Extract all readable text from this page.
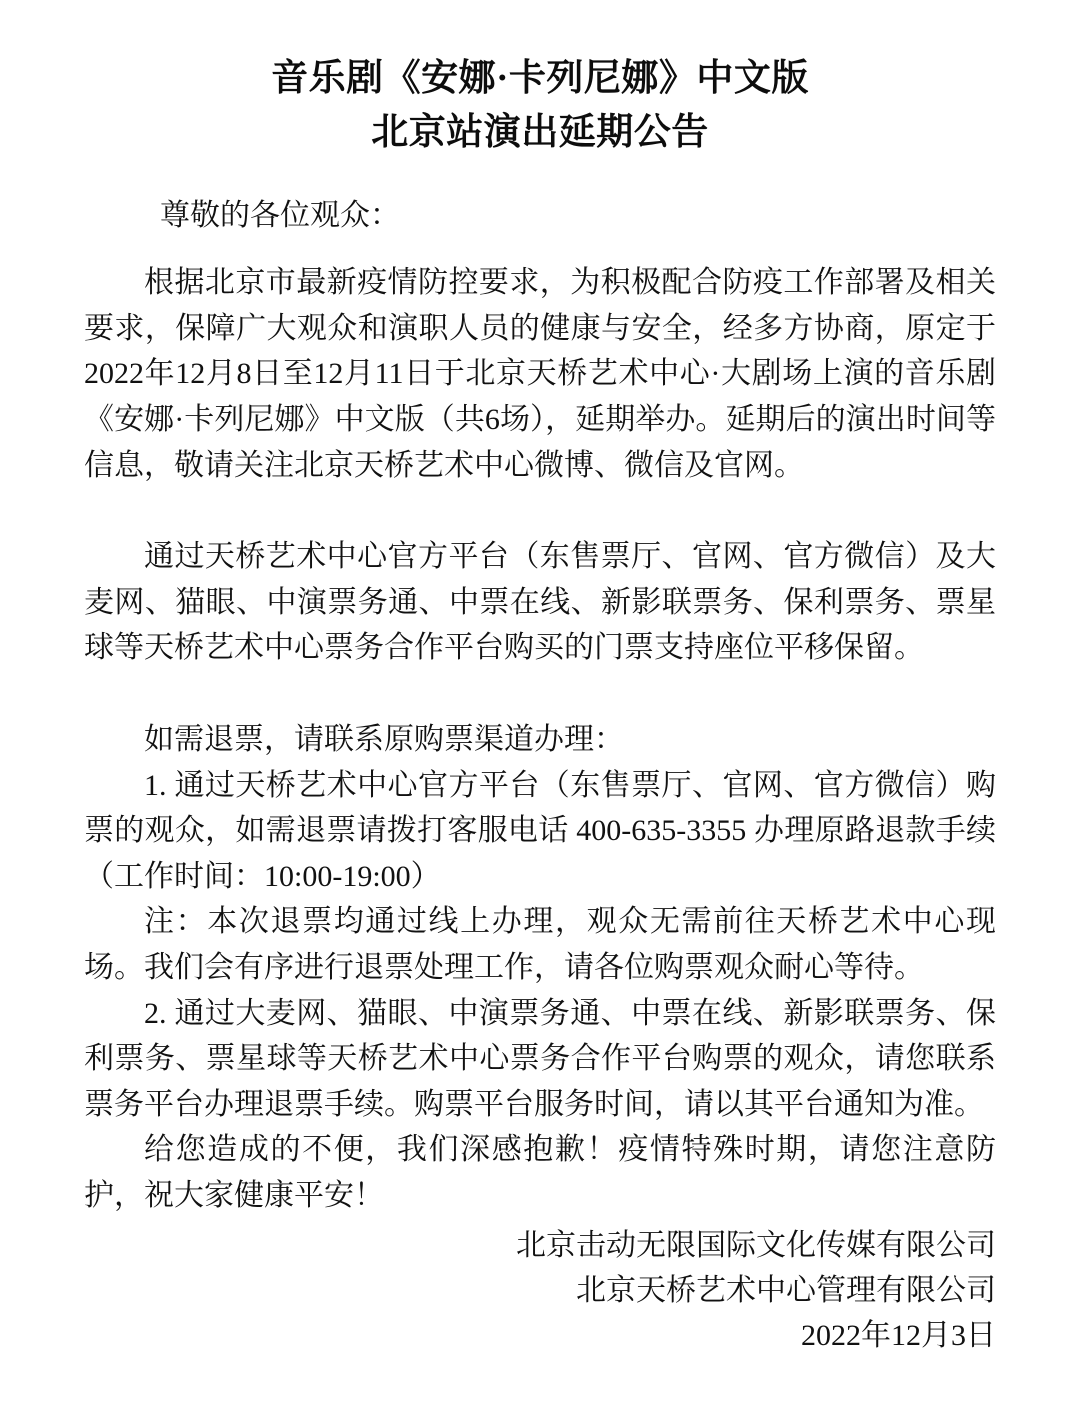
音乐剧《安娜·卡列尼娜》中文版
北京站演出延期公告
尊敬的各位观众：

根据北京市最新疫情防控要求，为积极配合防疫工作部署及相关要求，保障广大观众和演职人员的健康与安全，经多方协商，原定于2022年12月8日至12月11日于北京天桥艺术中心·大剧场上演的音乐剧《安娜·卡列尼娜》中文版（共6场），延期举办。延期后的演出时间等信息，敬请关注北京天桥艺术中心微博、微信及官网。

通过天桥艺术中心官方平台（东售票厅、官网、官方微信）及大麦网、猫眼、中演票务通、中票在线、新影联票务、保利票务、票星球等天桥艺术中心票务合作平台购买的门票支持座位平移保留。

如需退票，请联系原购票渠道办理：

1. 通过天桥艺术中心官方平台（东售票厅、官网、官方微信）购票的观众，如需退票请拨打客服电话 400-635-3355 办理原路退款手续（工作时间：10:00-19:00）

注：本次退票均通过线上办理，观众无需前往天桥艺术中心现场。我们会有序进行退票处理工作，请各位购票观众耐心等待。

2. 通过大麦网、猫眼、中演票务通、中票在线、新影联票务、保利票务、票星球等天桥艺术中心票务合作平台购票的观众，请您联系票务平台办理退票手续。购票平台服务时间，请以其平台通知为准。

给您造成的不便，我们深感抱歉！疫情特殊时期，请您注意防护，祝大家健康平安！

北京击动无限国际文化传媒有限公司
北京天桥艺术中心管理有限公司
2022年12月3日
